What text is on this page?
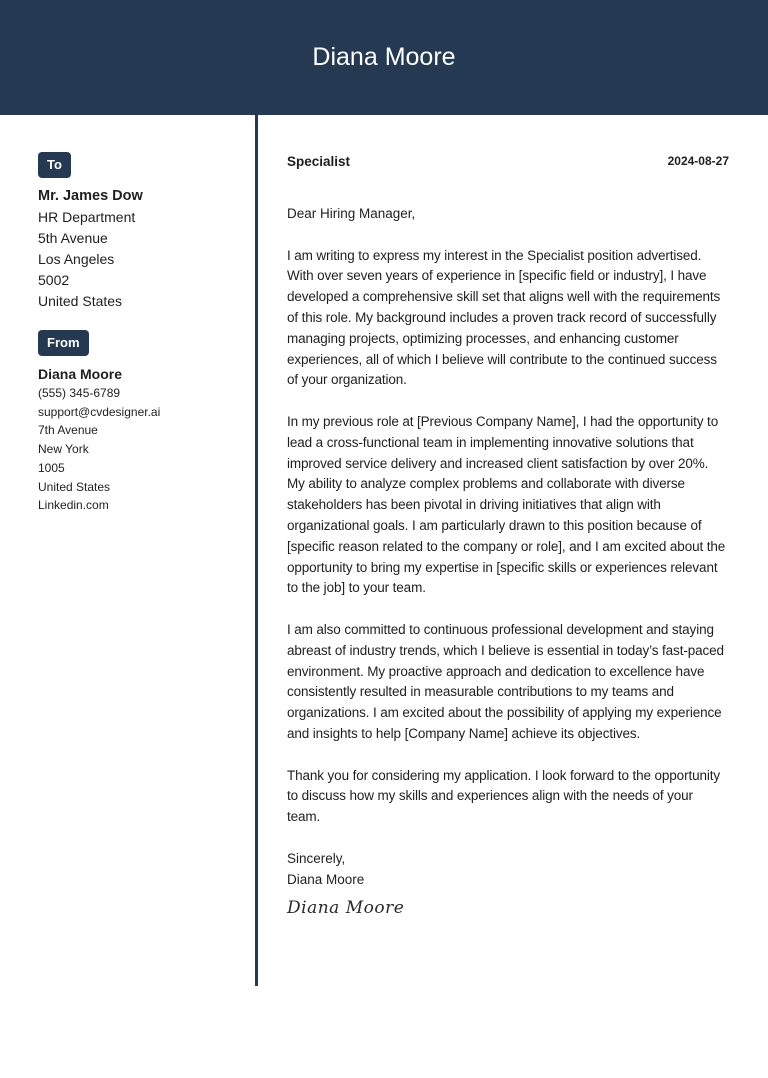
Diana Moore
To
Mr. James Dow
HR Department
5th Avenue
Los Angeles
5002
United States
From
Diana Moore
(555) 345-6789
support@cvdesigner.ai
7th Avenue
New York
1005
United States
Linkedin.com
Specialist	2024-08-27
Dear Hiring Manager,
I am writing to express my interest in the Specialist position advertised. With over seven years of experience in [specific field or industry], I have developed a comprehensive skill set that aligns well with the requirements of this role. My background includes a proven track record of successfully managing projects, optimizing processes, and enhancing customer experiences, all of which I believe will contribute to the continued success of your organization.
In my previous role at [Previous Company Name], I had the opportunity to lead a cross-functional team in implementing innovative solutions that improved service delivery and increased client satisfaction by over 20%. My ability to analyze complex problems and collaborate with diverse stakeholders has been pivotal in driving initiatives that align with organizational goals. I am particularly drawn to this position because of [specific reason related to the company or role], and I am excited about the opportunity to bring my expertise in [specific skills or experiences relevant to the job] to your team.
I am also committed to continuous professional development and staying abreast of industry trends, which I believe is essential in today’s fast-paced environment. My proactive approach and dedication to excellence have consistently resulted in measurable contributions to my teams and organizations. I am excited about the possibility of applying my experience and insights to help [Company Name] achieve its objectives.
Thank you for considering my application. I look forward to the opportunity to discuss how my skills and experiences align with the needs of your team.
Sincerely,
Diana Moore
Diana Moore
